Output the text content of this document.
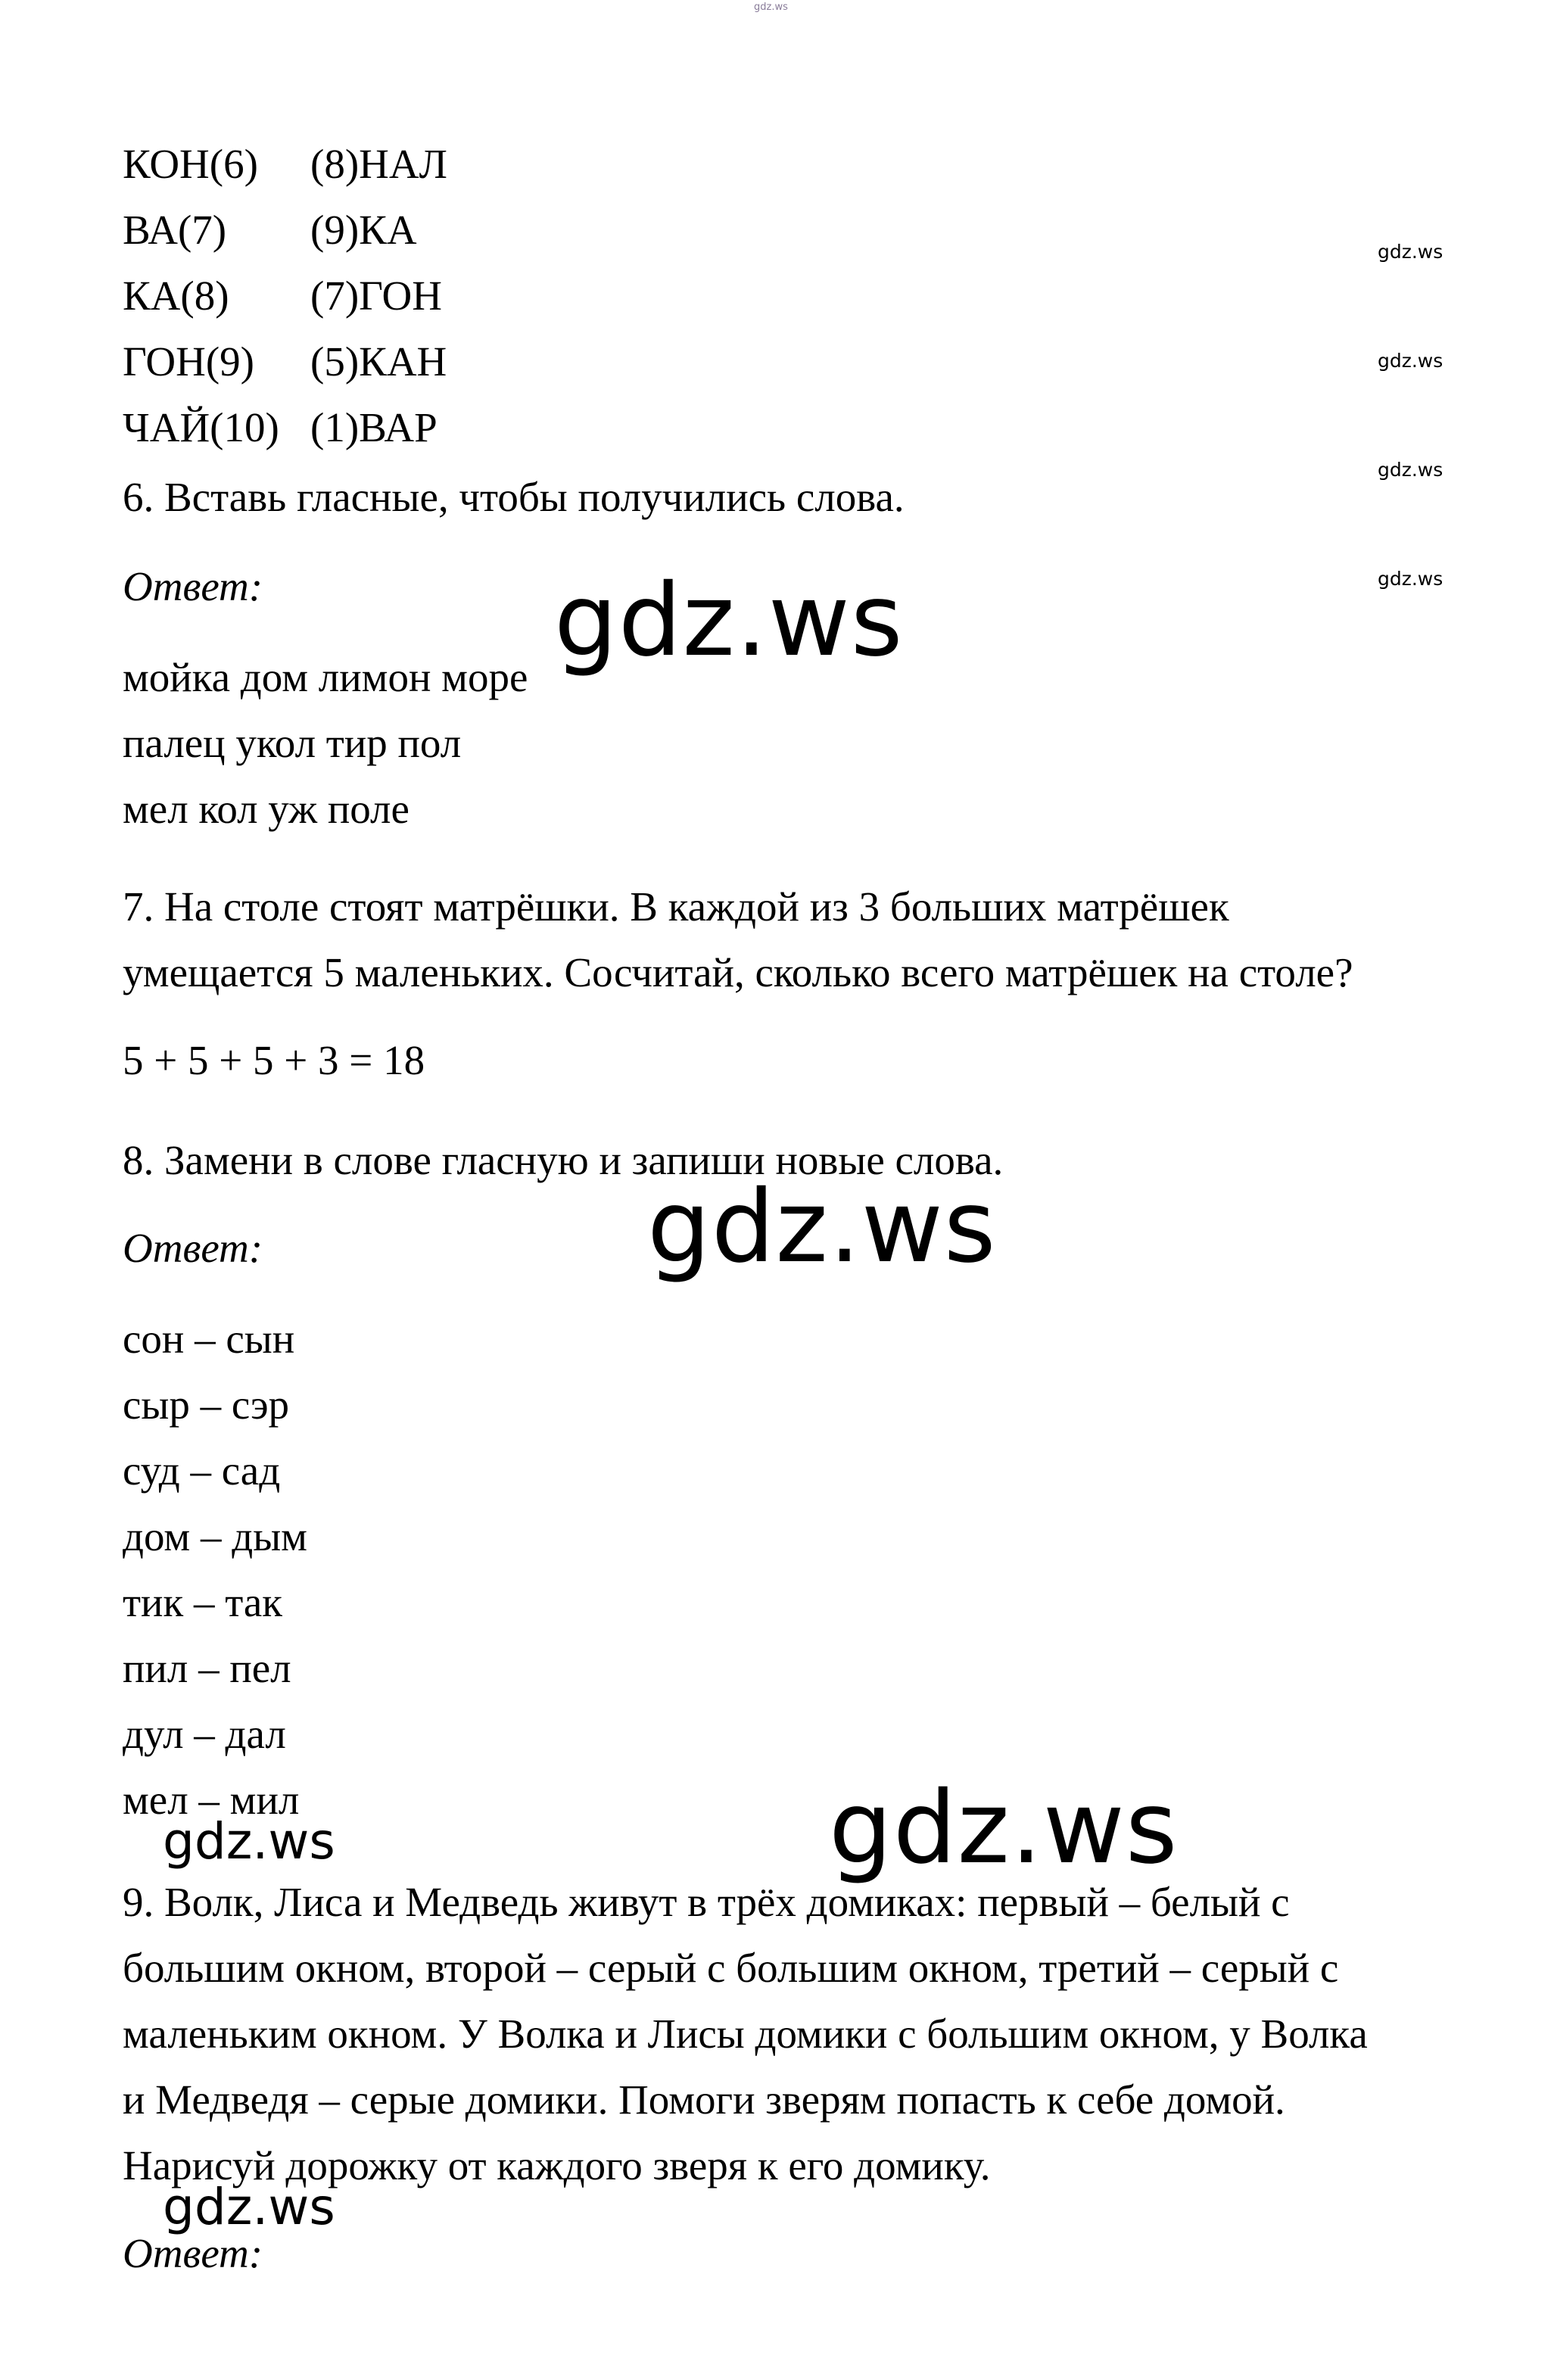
gdz.ws
gdz.ws
gdz.ws
gdz.ws
gdz.ws
КОН(6) (8)НАЛ
ВА(7) (9)КА
КА(8) (7)ГОН
ГОН(9) (5)КАН
ЧАЙ(10) (1)ВАР
6. Вставь гласные, чтобы получились слова.
Ответ:
мойка дом лимон море
палец укол тир пол
мел кол уж поле
7. На столе стоят матрёшки. В каждой из 3 больших матрёшек
умещается 5 маленьких. Сосчитай, сколько всего матрёшек на столе?
5 + 5 + 5 + 3 = 18
8. Замени в слове гласную и запиши новые слова.
Ответ:
сон – сын
сыр – сэр
суд – сад
дом – дым
тик – так
пил – пел
дул – дал
мел – мил
9. Волк, Лиса и Медведь живут в трёх домиках: первый – белый с
большим окном, второй – серый с большим окном, третий – серый с
маленьким окном. У Волка и Лисы домики с большим окном, у Волка
и Медведя – серые домики. Помоги зверям попасть к себе домой.
Нарисуй дорожку от каждого зверя к его домику.
Ответ:
gdz.ws
gdz.ws
gdz.ws
gdz.ws
gdz.ws
